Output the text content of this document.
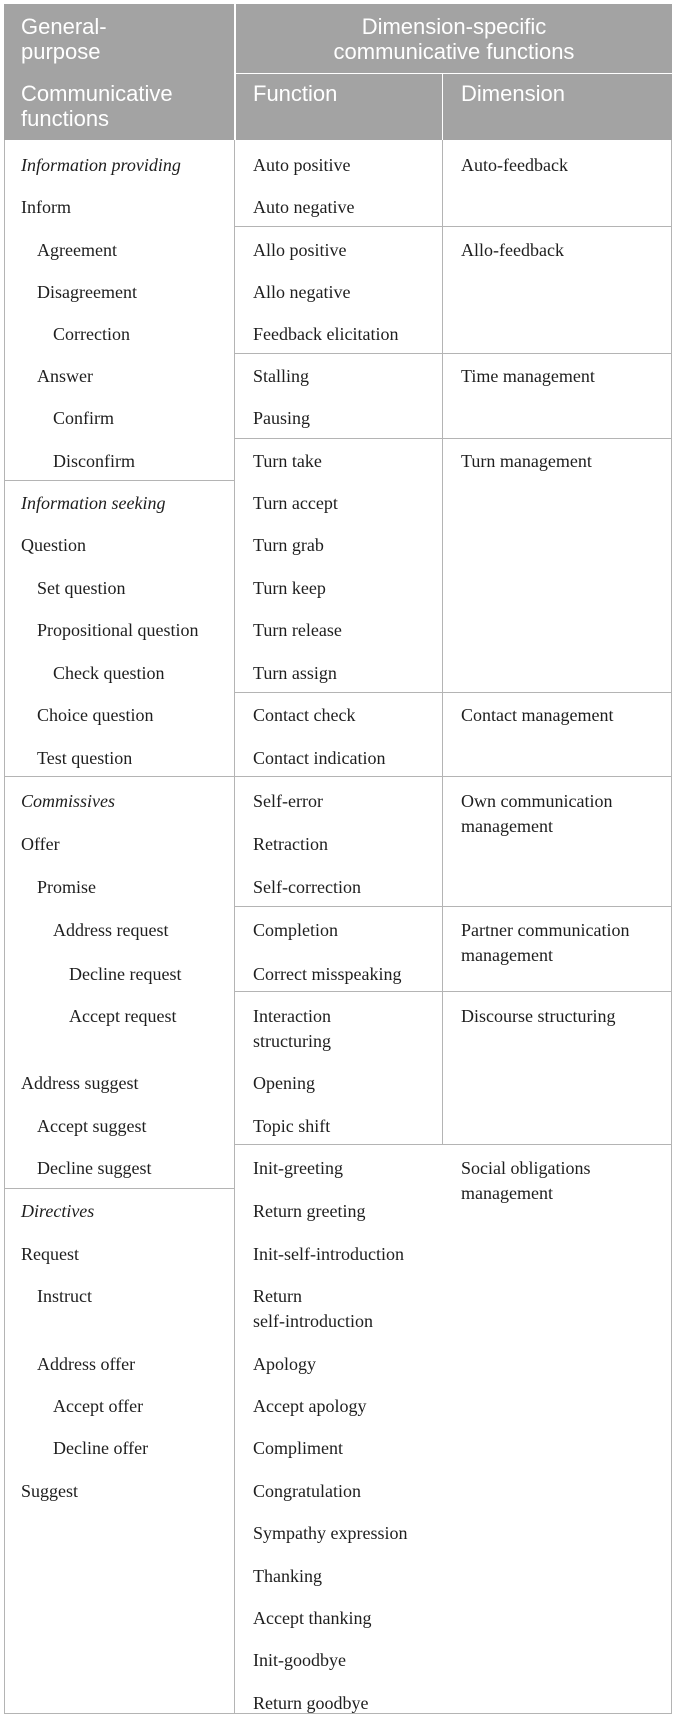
General-
purpose
Communicative
functions
Dimension-specific
communicative functions
Function	Dimension
Information providing
Inform
Agreement
Disagreement
Correction
Answer
Confirm
Disconfirm
Information seeking
Question
Set question
Propositional question
Check question
Choice question
Test question
Commissives
Offer
Promise
Address request
Decline request
Accept request
Address suggest
Accept suggest
Decline suggest
Directives
Request
Instruct
Address offer
Accept offer
Decline offer
Suggest
Auto positive
Auto negative
Allo positive
Allo negative
Feedback elicitation
Stalling
Pausing
Turn take
Turn accept
Turn grab
Turn keep
Turn release
Turn assign
Contact check
Contact indication
Self-error
Retraction
Self-correction
Completion
Correct misspeaking
Interaction
structuring
Opening
Topic shift
Init-greeting
Return greeting
Init-self-introduction
Return
self-introduction
Apology
Accept apology
Compliment
Congratulation
Sympathy expression
Thanking
Accept thanking
Init-goodbye
Return goodbye
Auto-feedback
Allo-feedback
Time management
Turn management
Contact management
Own communication
management
Partner communication
management
Discourse structuring
Social obligations
management
